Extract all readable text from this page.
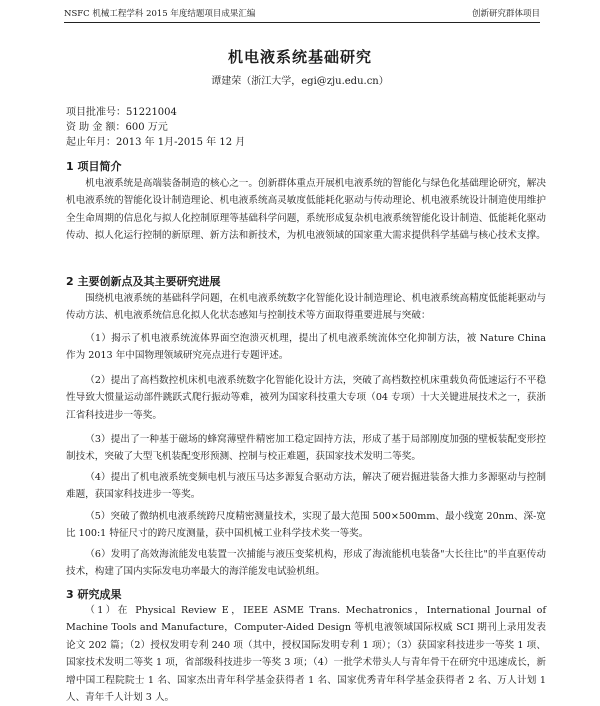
NSFC 机械工程学科 2015 年度结题项目成果汇编	创新研究群体项目
机电液系统基础研究
谭建荣（浙江大学，egi@zju.edu.cn）
项目批准号：51221004
资 助 金 额：600 万元
起止年月：2013 年 1月-2015 年 12 月
1 项目简介

机电液系统是高端装备制造的核心之一。创新群体重点开展机电液系统的智能化与绿色化基础理论研究，解决机电液系统的智能化设计制造理论、机电液系统高灵敏度低能耗化驱动与传动理论、机电液系统设计制造使用维护全生命周期的信息化与拟人化控制原理等基础科学问题，系统形成复杂机电液系统智能化设计制造、低能耗化驱动传动、拟人化运行控制的新原理、新方法和新技术，为机电液领域的国家重大需求提供科学基础与核心技术支撑。

2 主要创新点及其主要研究进展

围绕机电液系统的基础科学问题，在机电液系统数字化智能化设计制造理论、机电液系统高精度低能耗驱动与传动方法、机电液系统信息化拟人化状态感知与控制技术等方面取得重要进展与突破：

（1）揭示了机电液系统流体界面空泡溃灭机理，提出了机电液系统流体空化抑制方法，被 Nature China 作为 2013 年中国物理领域研究亮点进行专题评述。

（2）提出了高档数控机床机电液系统数字化智能化设计方法，突破了高档数控机床重载负荷低速运行不平稳性导致大惯量运动部件跳跃式爬行振动等难，被列为国家科技重大专项（04 专项）十大关键进展技术之一，获浙江省科技进步一等奖。

（3）提出了一种基于磁场的蜂窝薄壁件精密加工稳定固持方法，形成了基于局部刚度加强的壁板装配变形控制技术，突破了大型飞机装配变形预测、控制与校正难题，获国家技术发明二等奖。

（4）提出了机电液系统变频电机与液压马达多源复合驱动方法，解决了硬岩掘进装备大推力多源驱动与控制难题，获国家科技进步一等奖。

（5）突破了微纳机电液系统跨尺度精密测量技术，实现了最大范围 500×500mm、最小线宽 20nm、深-宽比 100:1 特征尺寸的跨尺度测量，获中国机械工业科学技术奖一等奖。

（6）发明了高效海流能发电装置一次捕能与液压变桨机构，形成了海流能机电装备"大长往比"的半直驱传动技术，构建了国内实际发电功率最大的海洋能发电试验机组。

3 研究成果

（1）在 Physical Review E，IEEE ASME Trans. Mechatronics，International Journal of Machine Tools and Manufacture，Computer-Aided Design 等机电液领域国际权威 SCI 期刊上录用发表论文 202 篇；（2）授权发明专利 240 项（其中，授权国际发明专利 1 项）；（3）获国家科技进步一等奖 1 项、国家技术发明二等奖 1 项，省部级科技进步一等奖 3 项；（4）一批学术带头人与青年骨干在研究中迅速成长，新增中国工程院院士 1 名、国家杰出青年科学基金获得者 1 名、国家优秀青年科学基金获得者 2 名、万人计划 1 人、青年千人计划 3 人。
